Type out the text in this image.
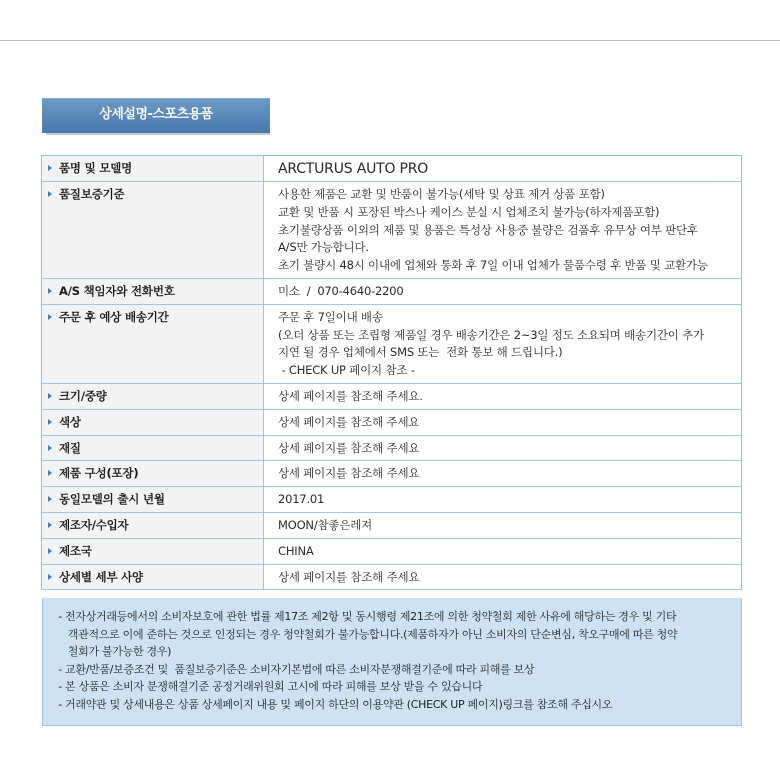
상세설명-스포츠용품
품명 및 모델명	ARCTURUS AUTO PRO

품질보증기준	사용한 제품은 교환 및 반품이 불가능(세탁 및 상표 제거 상품 포함)
교환 및 반품 시 포장된 박스나 케이스 분실 시 업체조치 불가능(하자제품포함)
초기불량상품 이외의 제품 및 용품은 특성상 사용중 불량은 검품후 유무상 여부 판단후
A/S만 가능합니다.
초기 불량시 48시 이내에 업체와 통화 후 7일 이내 업체가 물품수령 후 반품 및 교환가능

A/S 책임자와 전화번호	미소  /  070-4640-2200

주문 후 예상 배송기간	주문 후 7일이내 배송
(오더 상품 또는 조립형 제품일 경우 배송기간은 2~3일 정도 소요되며 배송기간이 추가
지연 될 경우 업체에서 SMS 또는  전화 통보 해 드립니다.)
- CHECK UP 페이지 참조 -

크기/중량	상세 페이지를 참조해 주세요.

색상	상세 페이지를 참조해 주세요

재질	상세 페이지를 참조해 주세요

제품 구성(포장)	상세 페이지를 참조해 주세요

동일모델의 출시 년월	2017.01

제조자/수입자	MOON/참좋은레져

제조국	CHINA

상세별 세부 사양	상세 페이지를 참조해 주세요
- 전자상거래등에서의 소비자보호에 관한 법률 제17조 제2항 및 동시행령 제21조에 의한 청약철회 제한 사유에 해당하는 경우 및 기타
객관적으로 이에 준하는 것으로 인정되는 경우 청약철회가 불가능합니다.(제품하자가 아닌 소비자의 단순변심, 착오구매에 따른 청약
철회가 불가능한 경우)
- 교환/반품/보증조건 및  품질보증기준은 소비자기본법에 따른 소비자분쟁해결기준에 따라 피해를 보상
- 본 상품은 소비자 분쟁해결기준 공정거래위원회 고시에 따라 피해를 보상 받을 수 있습니다
- 거래약관 및 상세내용은 상품 상세페이지 내용 및 페이지 하단의 이용약관 (CHECK UP 페이지)링크를 참조해 주십시오
